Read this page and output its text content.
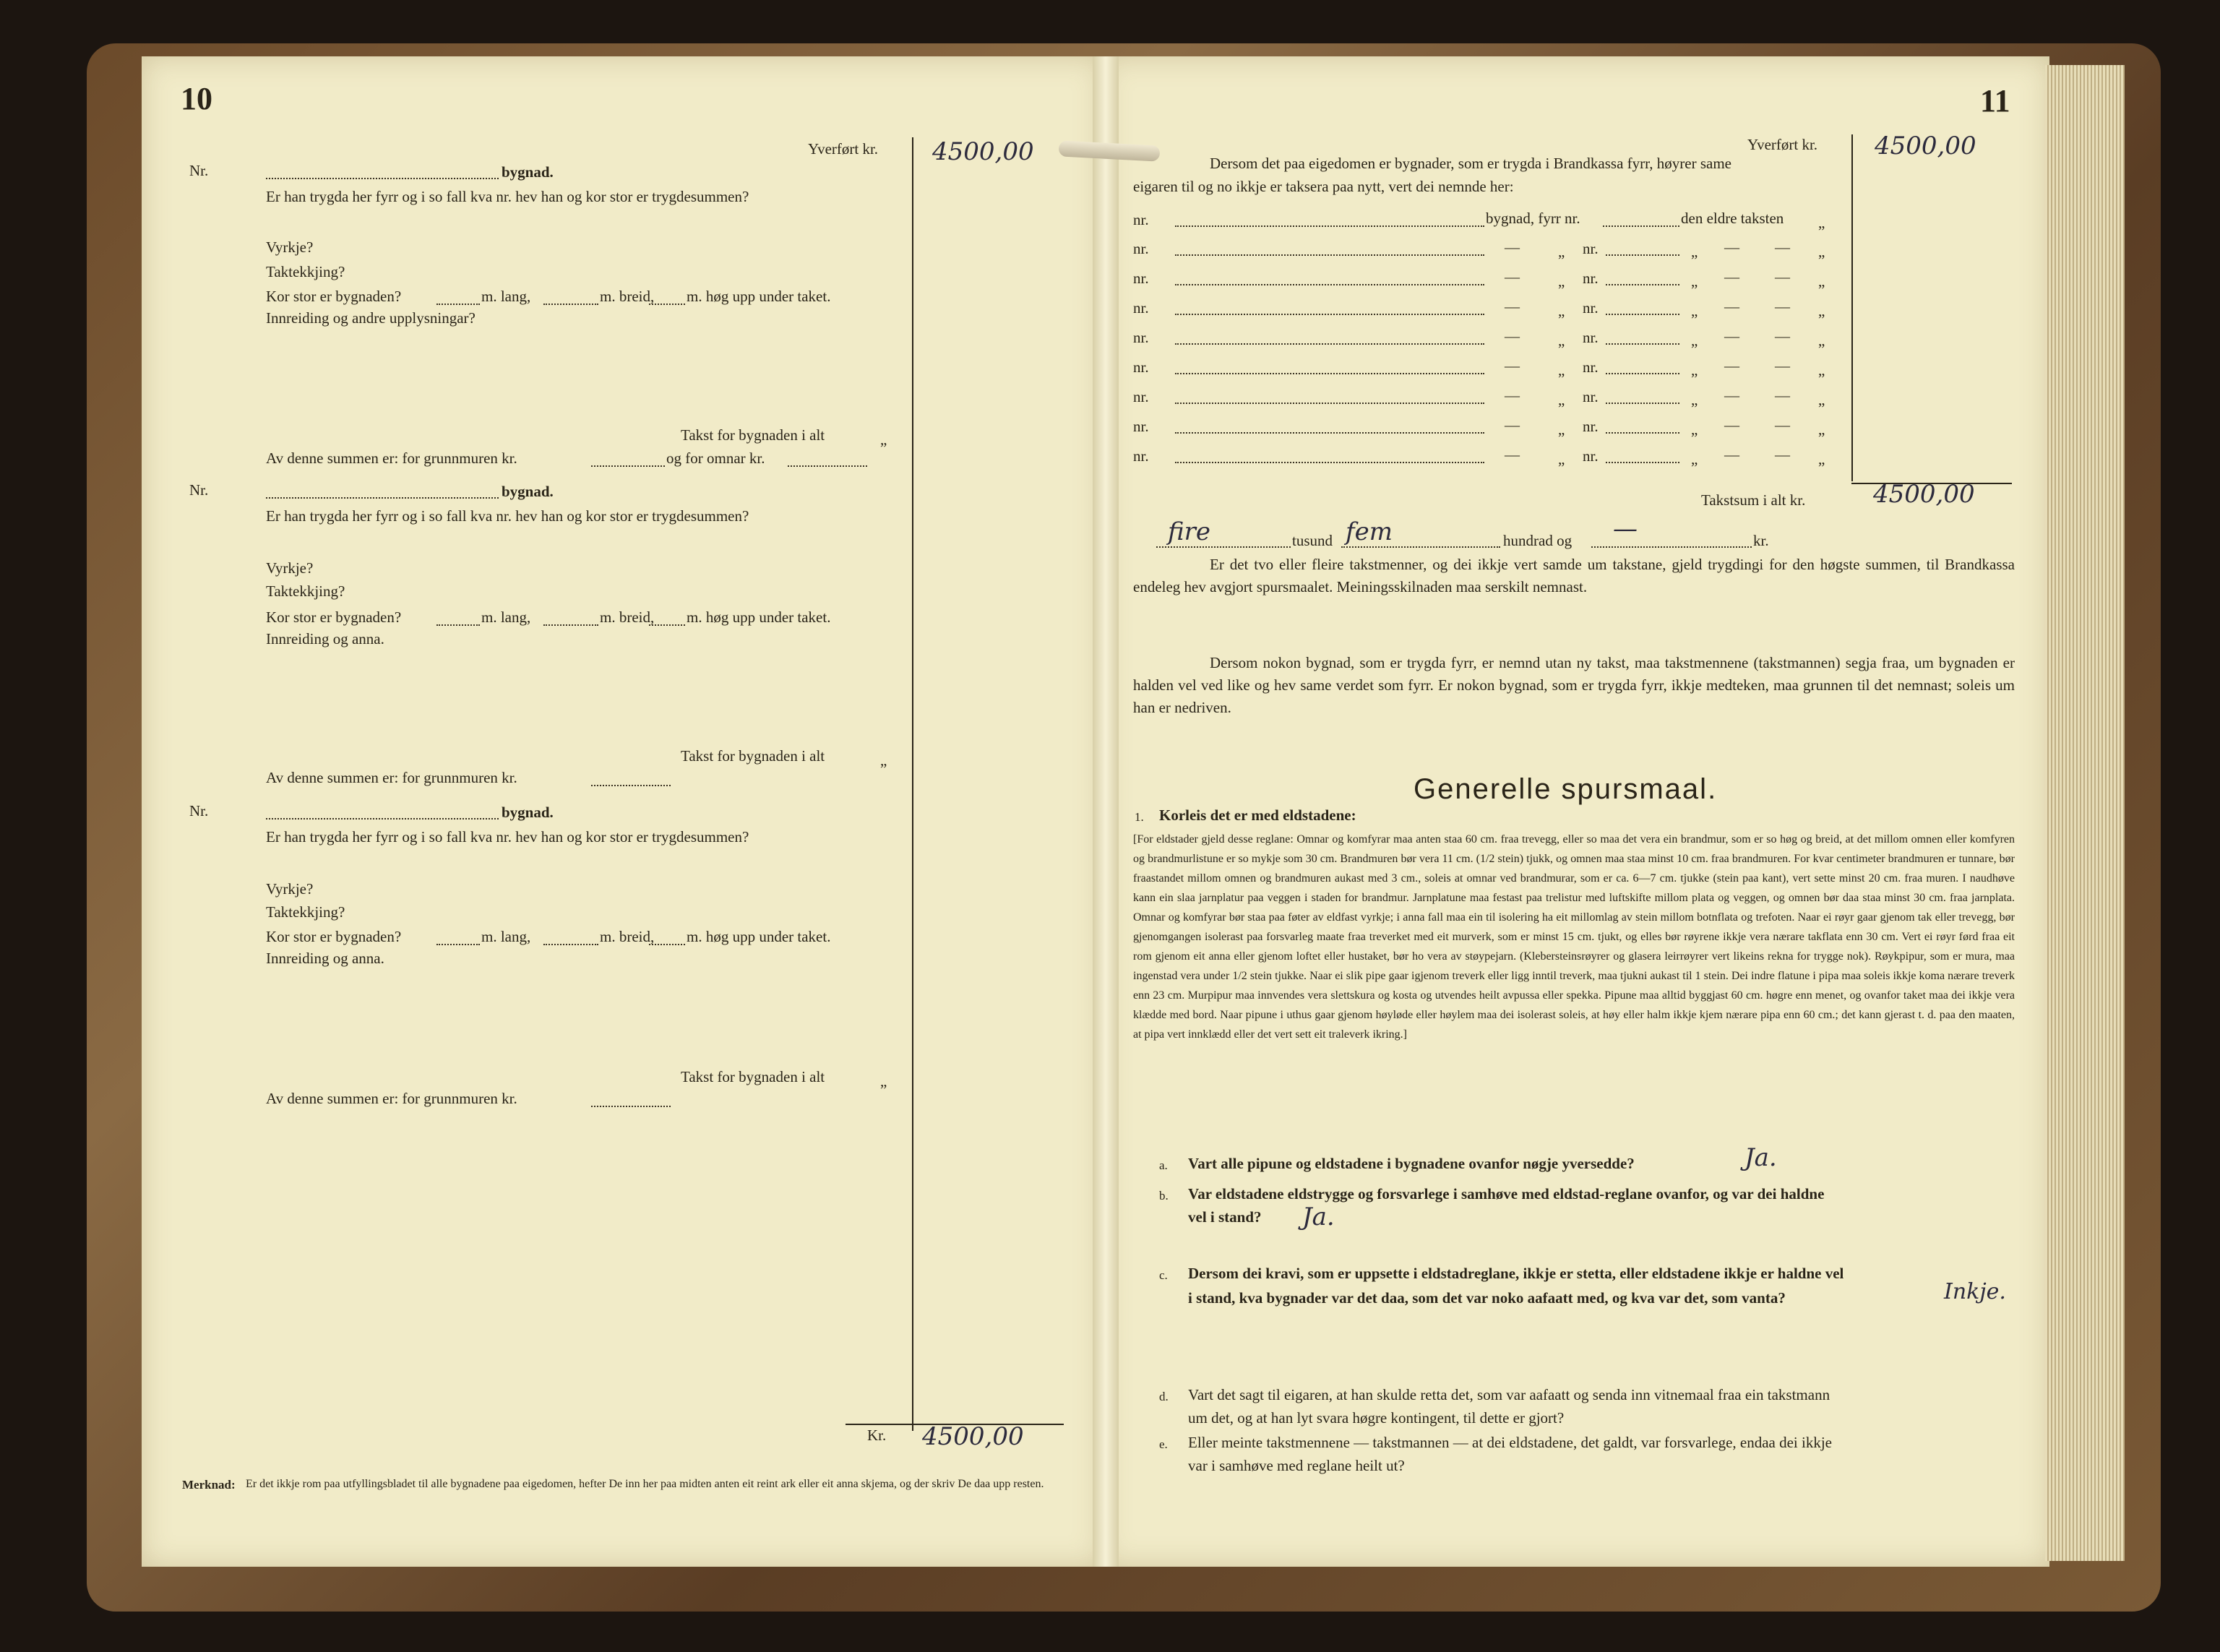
10
Yverført kr. 4500,00
Nr.	bygnad.
Er han trygda her fyrr og i so fall kva nr. hev han og kor stor er trygdesummen?
Vyrkje?
Taktekkjing?
Kor stor er bygnaden?	m. lang,	m. breid, m. høg upp under taket.
Innreiding og andre upplysningar?
Takst for bygnaden i alt	„
Av denne summen er: for grunnmuren kr.	og for omnar kr.
Nr.	bygnad.
Er han trygda her fyrr og i so fall kva nr. hev han og kor stor er trygdesummen?
Vyrkje?
Taktekkjing?
Kor stor er bygnaden?	m. lang,	m. breid, m. høg upp under taket.
Innreiding og anna.
Takst for bygnaden i alt	„
Av denne summen er: for grunnmuren kr.
Nr.	bygnad.
Er han trygda her fyrr og i so fall kva nr. hev han og kor stor er trygdesummen?
Vyrkje?
Taktekkjing?
Kor stor er bygnaden?	m. lang,	m. breid, m. høg upp under taket.
Innreiding og anna.
Takst for bygnaden i alt	„
Av denne summen er: for grunnmuren kr.
Kr. 4500,00
Merknad: Er det ikkje rom paa utfyllingsbladet til alle bygnadene paa eigedomen, hefter De inn her paa midten anten eit reint ark eller eit anna skjema, og der skriv De daa upp resten.
11
Yverført kr. 4500,00
Dersom det paa eigedomen er bygnader, som er trygda i Brandkassa fyrr, høyrer same eigaren til og no ikkje er taksera paa nytt, vert dei nemnde her:
nr.	bygnad, fyrr nr.	den eldre taksten „
nr.	—	„ nr.	„ — — „
nr.	—	„ nr.	„ — — „
nr.	—	„ nr.	„ — — „
nr.	—	„ nr.	„ — — „
nr.	—	„ nr.	„ — — „
nr.	—	„ nr.	„ — — „
nr.	—	„ nr.	„ — — „
nr.	—	„ nr.	„ — — „
Takstsum i alt kr.	4500,00
fire	tusund fem	hundrad og —	kr.
Er det tvo eller fleire takstmenner, og dei ikkje vert samde um takstane, gjeld trygdingi for den høgste summen, til Brandkassa endeleg hev avgjort spursmaalet. Meiningsskilnaden maa serskilt nemnast.
Dersom nokon bygnad, som er trygda fyrr, er nemnd utan ny takst, maa takstmennene (takstmannen) segja fraa, um bygnaden er halden vel ved like og hev same verdet som fyrr. Er nokon bygnad, som er trygda fyrr, ikkje medteken, maa grunnen til det nemnast; soleis um han er nedriven.
Generelle spursmaal.
1. Korleis det er med eldstadene:
[For eldstader gjeld desse reglane: Omnar og komfyrar maa anten staa 60 cm. fraa trevegg, eller so maa det vera ein brandmur, som er so høg og breid, at det millom omnen eller komfyren og brandmurlistune er so mykje som 30 cm. Brandmuren bør vera 11 cm. (1/2 stein) tjukk, og omnen maa staa minst 10 cm. fraa brandmuren. For kvar centimeter brandmuren er tunnare, bør fraastandet millom omnen og brandmuren aukast med 3 cm., soleis at omnar ved brandmurar, som er ca. 6—7 cm. tjukke (stein paa kant), vert sette minst 20 cm. fraa muren. I naudhøve kann ein slaa jarnplatur paa veggen i staden for brandmur. Jarnplatune maa festast paa trelistur med luftskifte millom plata og veggen, og omnen bør daa staa minst 30 cm. fraa jarnplata. Omnar og komfyrar bør staa paa føter av eldfast vyrkje; i anna fall maa ein til isolering ha eit millomlag av stein millom botnflata og trefoten. Naar ei røyr gaar gjenom tak eller trevegg, bør gjenomgangen isolerast paa forsvarleg maate fraa treverket med eit murverk, som er minst 15 cm. tjukt, og elles bør røyrene ikkje vera nærare takflata enn 30 cm. Vert ei røyr førd fraa eit rom gjenom eit anna eller gjenom loftet eller hustaket, bør ho vera av støypejarn. (Klebersteinsrøyrer og glasera leirrøyrer vert likeins rekna for trygge nok). Røykpipur, som er mura, maa ingenstad vera under 1/2 stein tjukke. Naar ei slik pipe gaar igjenom treverk eller ligg inntil treverk, maa tjukni aukast til 1 stein. Dei indre flatune i pipa maa soleis ikkje koma nærare treverk enn 23 cm. Murpipur maa innvendes vera slettskura og kosta og utvendes heilt avpussa eller spekka. Pipune maa alltid byggjast 60 cm. høgre enn menet, og ovanfor taket maa dei ikkje vera klædde med bord. Naar pipune i uthus gaar gjenom høyløde eller høylem maa dei isolerast soleis, at høy eller halm ikkje kjem nærare pipa enn 60 cm.; det kann gjerast t. d. paa den maaten, at pipa vert innklædd eller det vert sett eit traleverk ikring.]
a. Vart alle pipune og eldstadene i bygnadene ovanfor nøgje yversedde?	Ja.
b. Var eldstadene eldstrygge og forsvarlege i samhøve med eldstad-reglane ovanfor, og var dei haldne
vel i stand? Ja.
c. Dersom dei kravi, som er uppsette i eldstadreglane, ikkje er stetta, eller eldstadene ikkje er haldne vel
i stand, kva bygnader var det daa, som det var noko aafaatt med, og kva var det, som vanta?	Inkje.
d. Vart det sagt til eigaren, at han skulde retta det, som var aafaatt og senda inn vitnemaal fraa ein takstmann
um det, og at han lyt svara høgre kontingent, til dette er gjort?
e. Eller meinte takstmennene — takstmannen — at dei eldstadene, det galdt, var forsvarlege, endaa dei ikkje
var i samhøve med reglane heilt ut?
